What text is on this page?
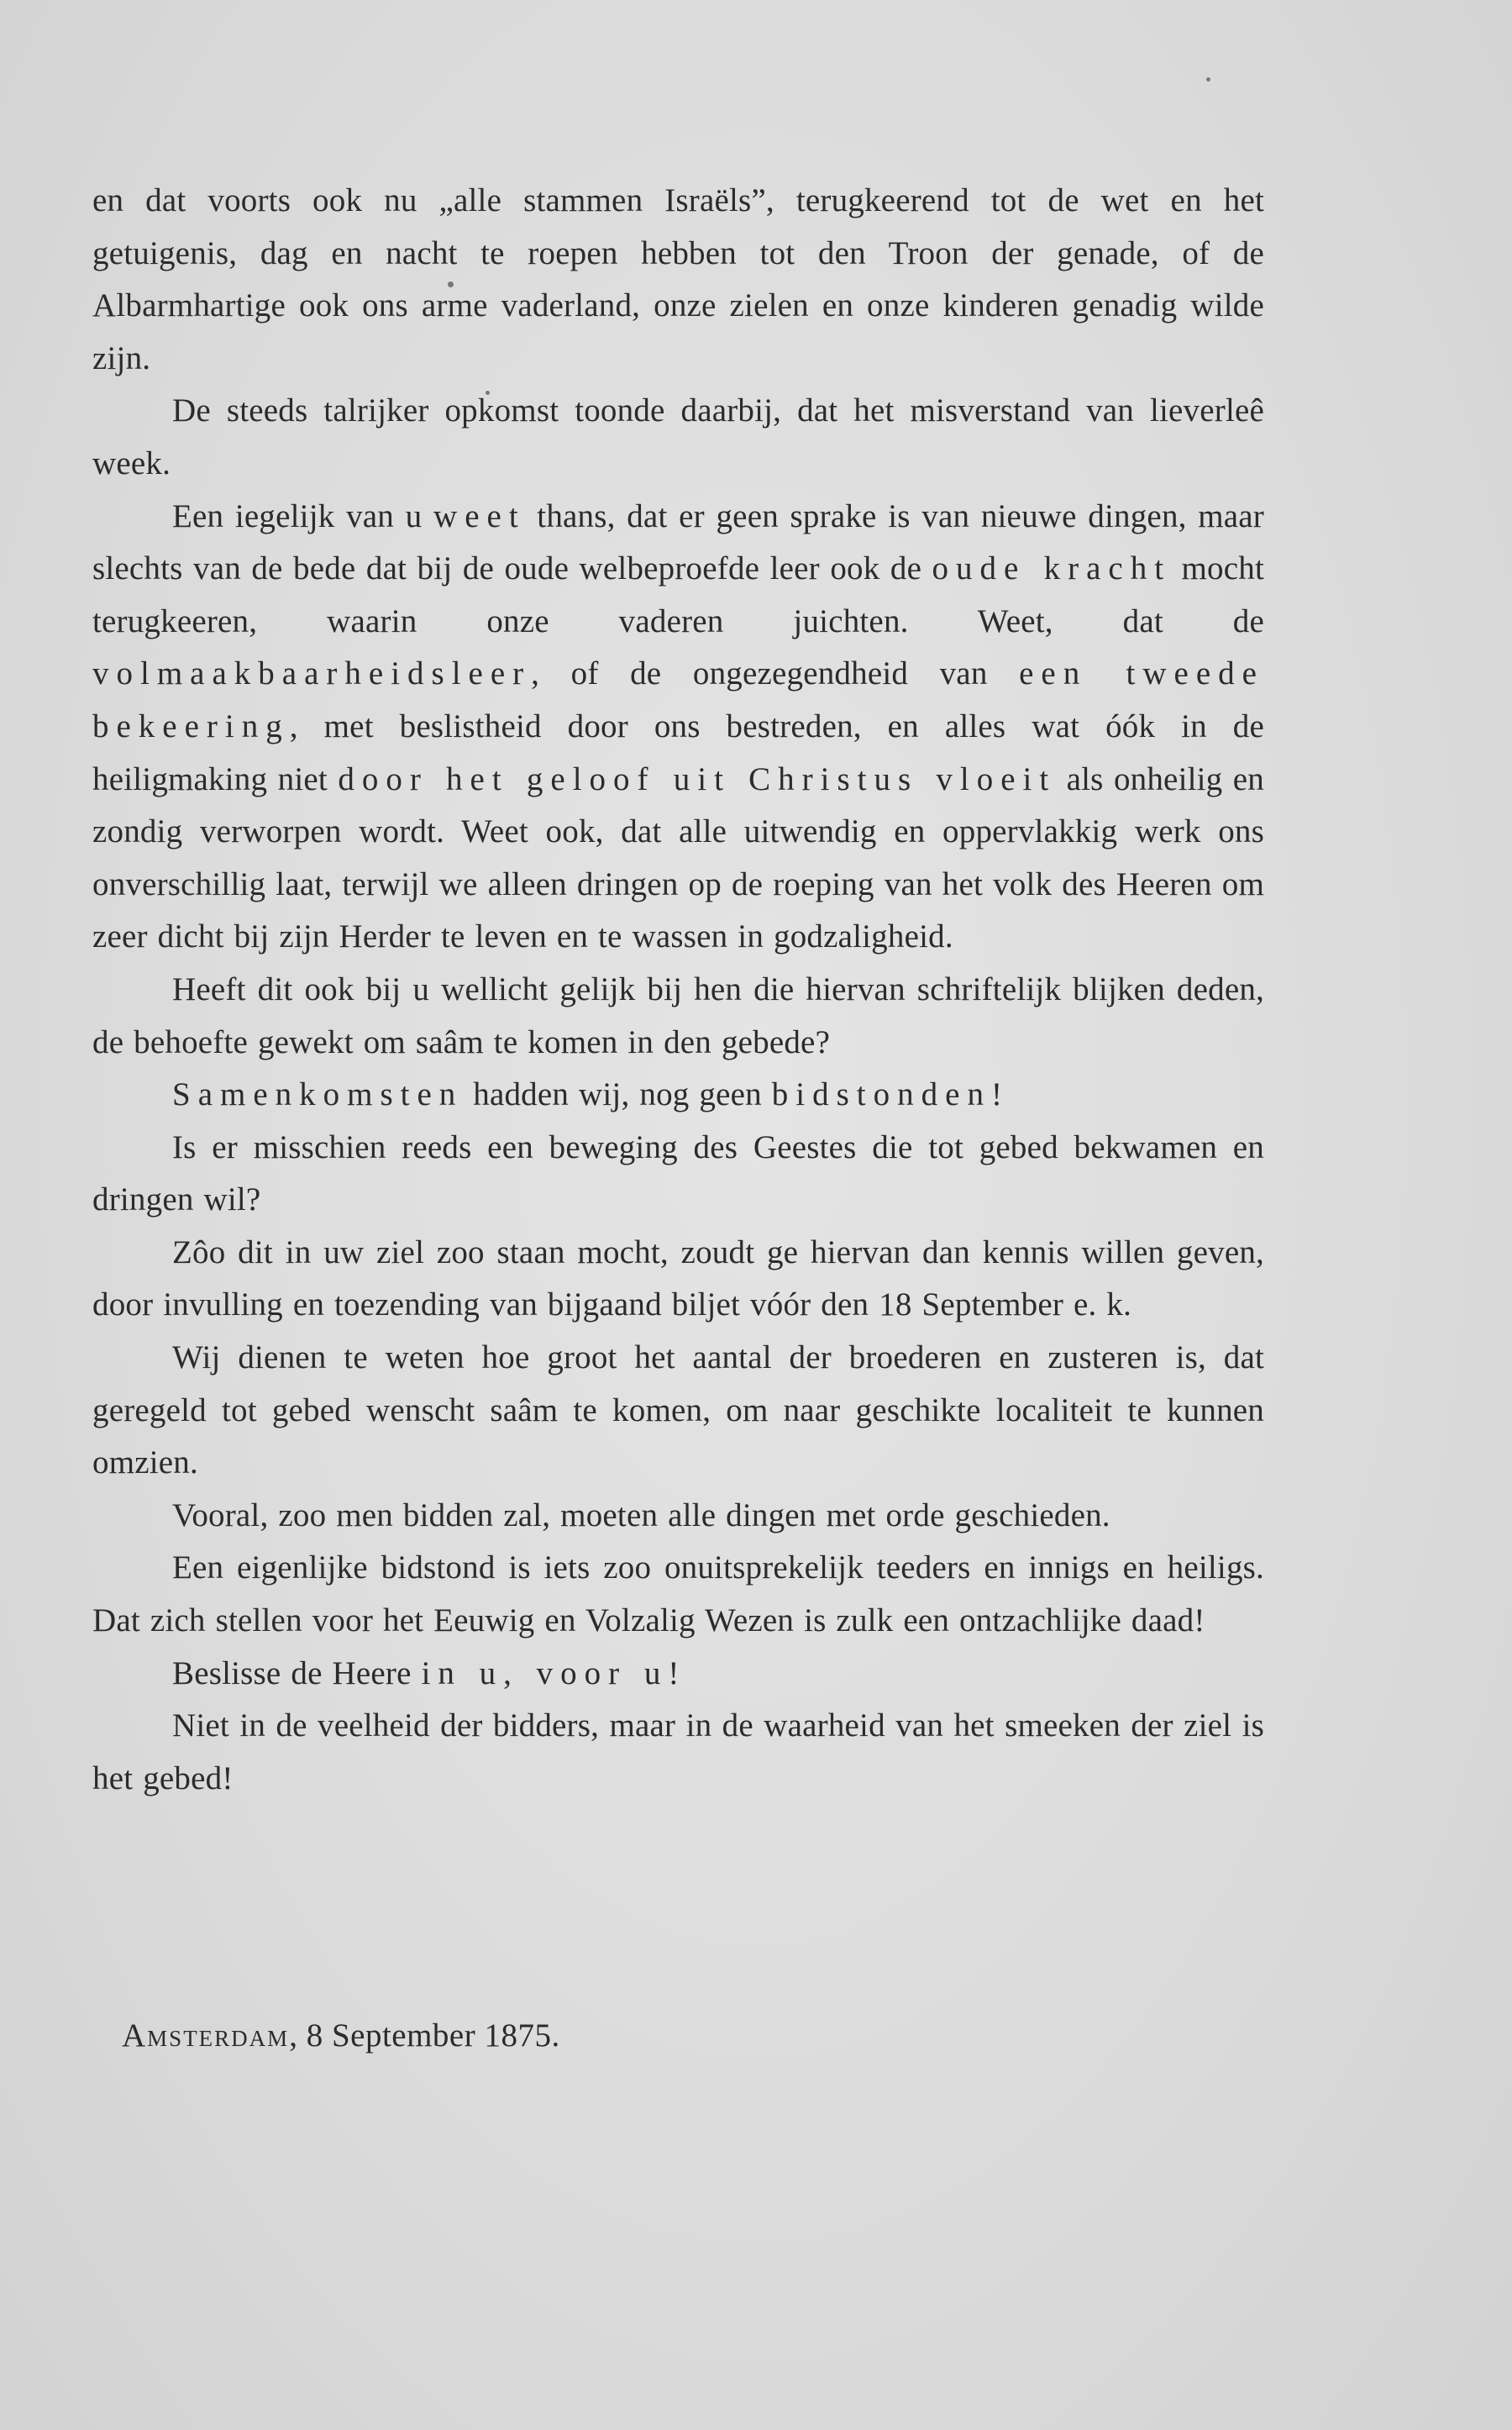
en dat voorts ook nu „alle stammen Israëls”, terugkeerend tot de wet en het getuigenis, dag en nacht te roepen hebben tot den Troon der genade, of de Albarmhartige ook ons arme vaderland, onze zielen en onze kinderen genadig wilde zijn.

De steeds talrijker opkomst toonde daarbij, dat het misverstand van lieverleê week.

Een iegelijk van u weet thans, dat er geen sprake is van nieuwe dingen, maar slechts van de bede dat bij de oude welbeproefde leer ook de oude kracht mocht terugkeeren, waarin onze vaderen juichten. Weet, dat de volmaakbaarheidsleer, of de ongezegendheid van een tweede bekeering, met beslistheid door ons bestreden, en alles wat óók in de heiligmaking niet door het geloof uit Christus vloeit als onheilig en zondig verworpen wordt. Weet ook, dat alle uitwendig en oppervlakkig werk ons onverschillig laat, terwijl we alleen dringen op de roeping van het volk des Heeren om zeer dicht bij zijn Herder te leven en te wassen in godzaligheid.

Heeft dit ook bij u wellicht gelijk bij hen die hiervan schriftelijk blijken deden, de behoefte gewekt om saâm te komen in den gebede?

Samenkomsten hadden wij, nog geen bidstonden!

Is er misschien reeds een beweging des Geestes die tot gebed bekwamen en dringen wil?

Zôo dit in uw ziel zoo staan mocht, zoudt ge hiervan dan kennis willen geven, door invulling en toezending van bijgaand biljet vóór den 18 September e. k.

Wij dienen te weten hoe groot het aantal der broederen en zusteren is, dat geregeld tot gebed wenscht saâm te komen, om naar geschikte localiteit te kunnen omzien.

Vooral, zoo men bidden zal, moeten alle dingen met orde geschieden.

Een eigenlijke bidstond is iets zoo onuitsprekelijk teeders en innigs en heiligs. Dat zich stellen voor het Eeuwig en Volzalig Wezen is zulk een ontzachlijke daad!

Beslisse de Heere in u, voor u!

Niet in de veelheid der bidders, maar in de waarheid van het smeeken der ziel is het gebed!

Amsterdam, 8 September 1875.
